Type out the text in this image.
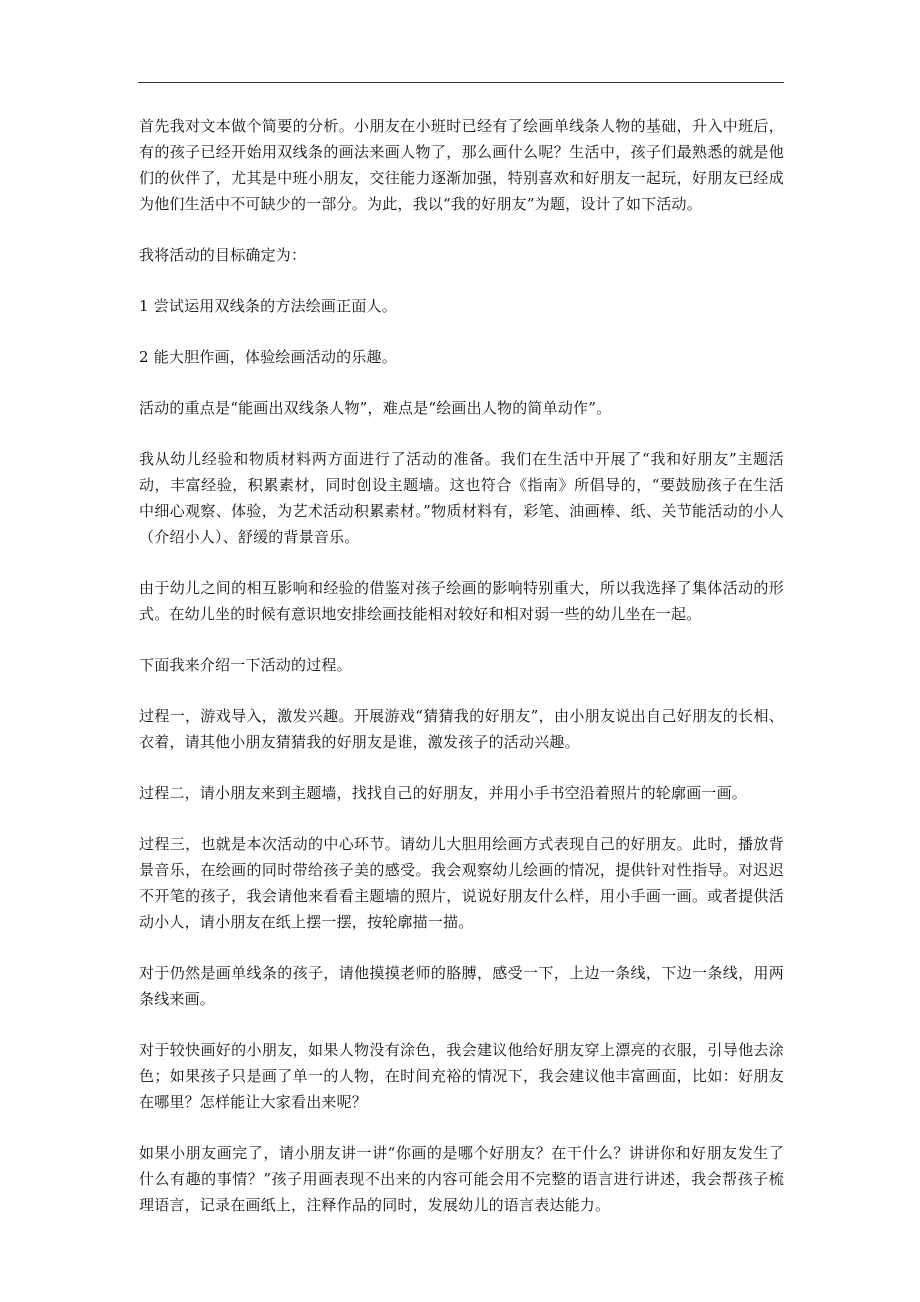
首先我对文本做个简要的分析。小朋友在小班时已经有了绘画单线条人物的基础，升入中班后，有的孩子已经开始用双线条的画法来画人物了，那么画什么呢？生活中，孩子们最熟悉的就是他们的伙伴了，尤其是中班小朋友，交往能力逐渐加强，特别喜欢和好朋友一起玩，好朋友已经成为他们生活中不可缺少的一部分。为此，我以“我的好朋友”为题，设计了如下活动。

我将活动的目标确定为：

1 尝试运用双线条的方法绘画正面人。

2 能大胆作画，体验绘画活动的乐趣。

活动的重点是“能画出双线条人物”，难点是“绘画出人物的简单动作”。

我从幼儿经验和物质材料两方面进行了活动的准备。我们在生活中开展了“我和好朋友”主题活动，丰富经验，积累素材，同时创设主题墙。这也符合《指南》所倡导的，“要鼓励孩子在生活中细心观察、体验，为艺术活动积累素材。”物质材料有，彩笔、油画棒、纸、关节能活动的小人（介绍小人）、舒缓的背景音乐。

由于幼儿之间的相互影响和经验的借鉴对孩子绘画的影响特别重大，所以我选择了集体活动的形式。在幼儿坐的时候有意识地安排绘画技能相对较好和相对弱一些的幼儿坐在一起。

下面我来介绍一下活动的过程。

过程一，游戏导入，激发兴趣。开展游戏“猜猜我的好朋友”，由小朋友说出自己好朋友的长相、衣着，请其他小朋友猜猜我的好朋友是谁，激发孩子的活动兴趣。

过程二，请小朋友来到主题墙，找找自己的好朋友，并用小手书空沿着照片的轮廓画一画。

过程三，也就是本次活动的中心环节。请幼儿大胆用绘画方式表现自己的好朋友。此时，播放背景音乐，在绘画的同时带给孩子美的感受。我会观察幼儿绘画的情况，提供针对性指导。对迟迟不开笔的孩子，我会请他来看看主题墙的照片，说说好朋友什么样，用小手画一画。或者提供活动小人，请小朋友在纸上摆一摆，按轮廓描一描。

对于仍然是画单线条的孩子，请他摸摸老师的胳膊，感受一下，上边一条线，下边一条线，用两条线来画。

对于较快画好的小朋友，如果人物没有涂色，我会建议他给好朋友穿上漂亮的衣服，引导他去涂色；如果孩子只是画了单一的人物，在时间充裕的情况下，我会建议他丰富画面，比如：好朋友在哪里？怎样能让大家看出来呢？

如果小朋友画完了，请小朋友讲一讲“你画的是哪个好朋友？在干什么？讲讲你和好朋友发生了什么有趣的事情？”孩子用画表现不出来的内容可能会用不完整的语言进行讲述，我会帮孩子梳理语言，记录在画纸上，注释作品的同时，发展幼儿的语言表达能力。
